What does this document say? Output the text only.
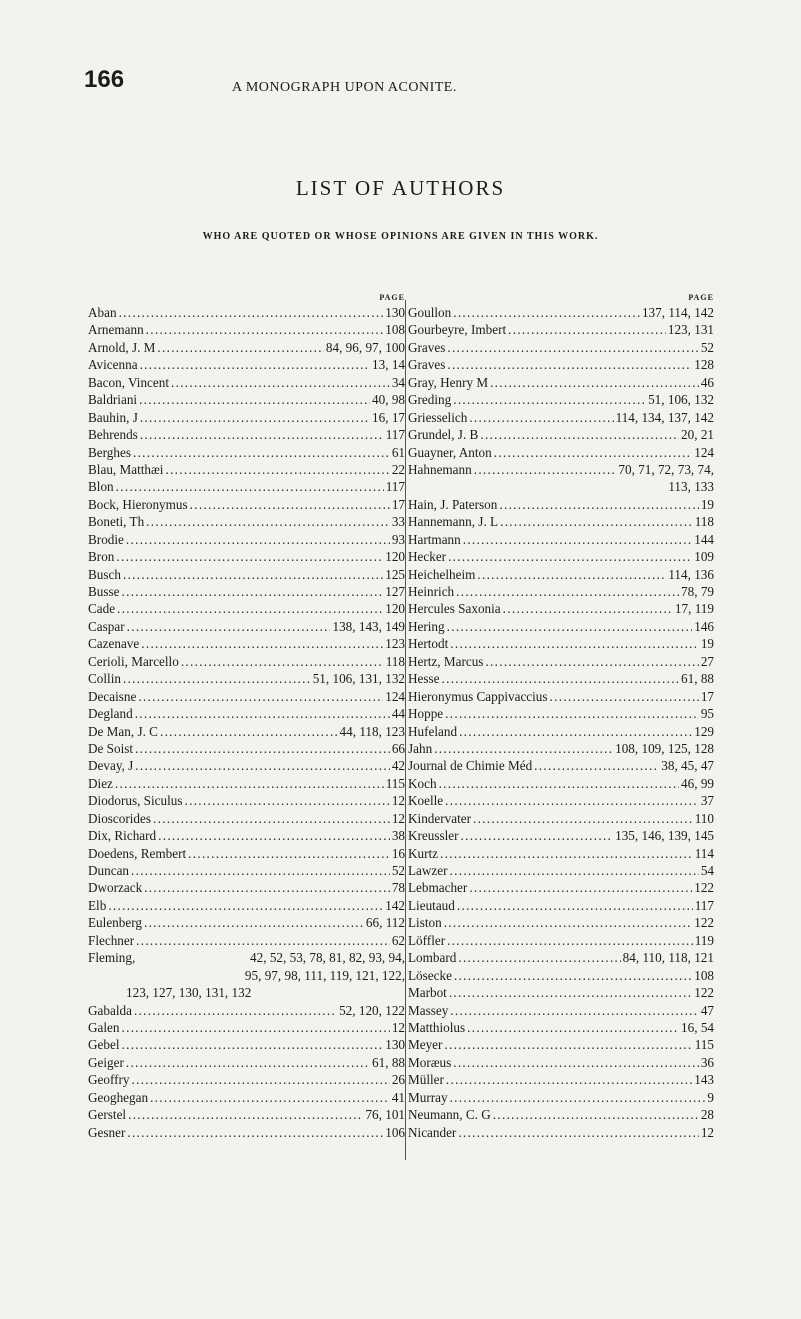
166	A MONOGRAPH UPON ACONITE.
LIST OF AUTHORS
WHO ARE QUOTED OR WHOSE OPINIONS ARE GIVEN IN THIS WORK.
PAGE
Aban . . .	130
Arnemann . . .	108
Arnold, J. M . . .	84, 96, 97, 100
Avicenna . . .	13, 14
Bacon, Vincent . . .	34
Baldriani . . .	40, 98
Bauhin, J . . .	16, 17
Behrends . . .	117
Berghes . . .	61
Blau, Matthæi . . .	22
Blon . . .	117
Bock, Hieronymus . . .	17
Boneti, Th . . .	33
Brodie . . .	93
Bron . . .	120
Busch . . .	125
Busse . . .	127
Cade . . .	120
Caspar . . .	138, 143, 149
Cazenave . . .	123
Cerioli, Marcello . . .	118
Collin . . .	51, 106, 131, 132
Decaisne . . .	124
Degland . . .	44
De Man, J. C . . .	44, 118, 123
De Soist . . .	66
Devay, J . . .	42
Diez . . .	115
Diodorus, Siculus . . .	12
Dioscorides . . .	12
Dix, Richard . . .	38
Doedens, Rembert . . .	16
Duncan . . .	52
Dworzack . . .	78
Elb . . .	142
Eulenberg . . .	66, 112
Flechner . . .	62
Fleming,	42, 52, 53, 78, 81, 82, 93, 94,
95, 97, 98, 111, 119, 121, 122,
123, 127, 130, 131, 132
Gabalda . . .	52, 120, 122
Galen . . .	12
Gebel . . .	130
Geiger . . .	61, 88
Geoffry . . .	26
Geoghegan . . .	41
Gerstel . . .	76, 101
Gesner . . .	106
PAGE
Goullon . . .	137, 114, 142
Gourbeyre, Imbert . . .	123, 131
Graves . . .	52
Graves . . .	128
Gray, Henry M . . .	46
Greding . . .	51, 106, 132
Griesselich . . .	114, 134, 137, 142
Grundel, J. B . . .	20, 21
Guayner, Anton . . .	124
Hahnemann . . .	70, 71, 72, 73, 74,
113, 133
Hain, J. Paterson . . .	19
Hannemann, J. L . . .	118
Hartmann . . .	144
Hecker . . .	109
Heichelheim . . .	114, 136
Heinrich . . .	78, 79
Hercules Saxonia . . .	17, 119
Hering . . .	146
Hertodt . . .	19
Hertz, Marcus . . .	27
Hesse . . .	61, 88
Hieronymus Cappivaccius . . .	17
Hoppe . . .	95
Hufeland . . .	129
Jahn . . .	108, 109, 125, 128
Journal de Chimie Méd . . .	38, 45, 47
Koch . . .	46, 99
Koelle . . .	37
Kindervater . . .	110
Kreussler . . .	135, 146, 139, 145
Kurtz . . .	114
Lawzer . . .	54
Lebmacher . . .	122
Lieutaud . . .	117
Liston . . .	122
Löffler . . .	119
Lombard . . .	84, 110, 118, 121
Lösecke . . .	108
Marbot . . .	122
Massey . . .	47
Matthiolus . . .	16, 54
Meyer . . .	115
Moræus . . .	36
Müller . . .	143
Murray . . .	9
Neumann, C. G . . .	28
Nicander . . .	12
